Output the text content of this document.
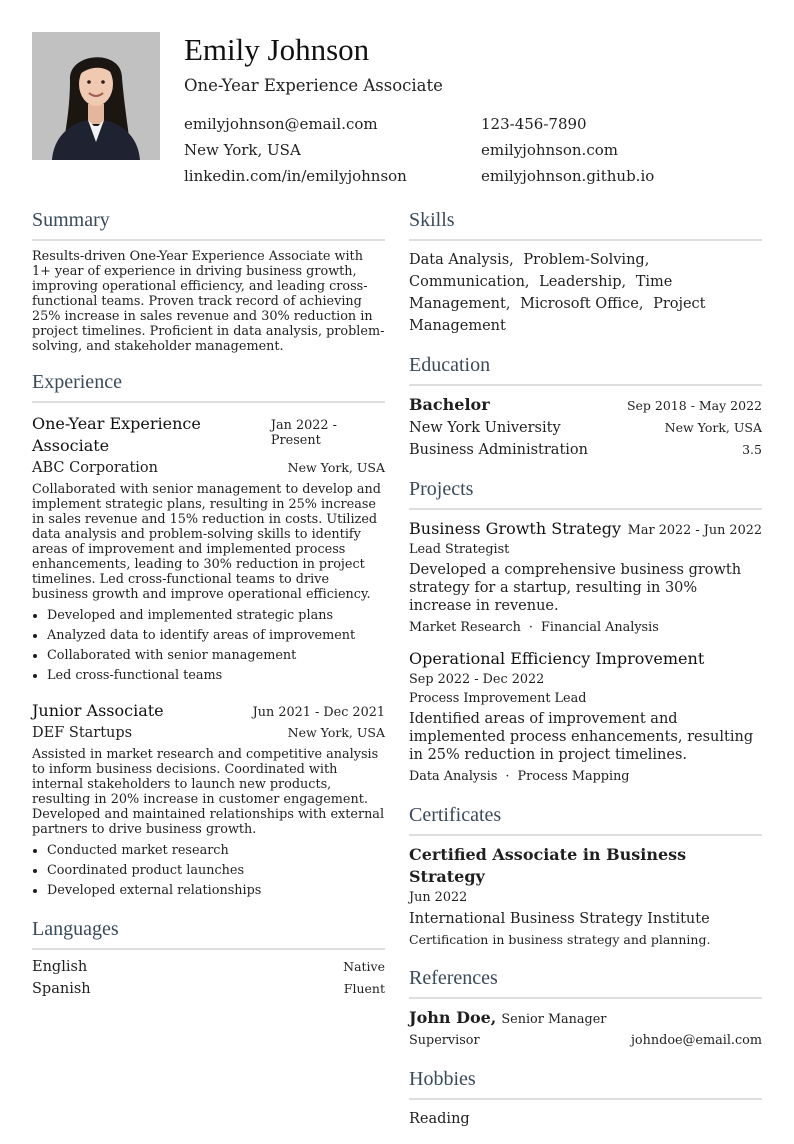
Emily Johnson
One-Year Experience Associate
emilyjohnson@email.com	123-456-7890
New York, USA	emilyjohnson.com
linkedin.com/in/emilyjohnson	emilyjohnson.github.io
Summary
Results-driven One-Year Experience Associate with 1+ year of experience in driving business growth, improving operational efficiency, and leading cross-functional teams. Proven track record of achieving 25% increase in sales revenue and 30% reduction in project timelines. Proficient in data analysis, problem-solving, and stakeholder management.
Experience
One-Year Experience Associate
Jan 2022 - Present
ABC Corporation	New York, USA
Collaborated with senior management to develop and implement strategic plans, resulting in 25% increase in sales revenue and 15% reduction in costs. Utilized data analysis and problem-solving skills to identify areas of improvement and implemented process enhancements, leading to 30% reduction in project timelines. Led cross-functional teams to drive business growth and improve operational efficiency.
• Developed and implemented strategic plans
• Analyzed data to identify areas of improvement
• Collaborated with senior management
• Led cross-functional teams
Junior Associate	Jun 2021 - Dec 2021
DEF Startups	New York, USA
Assisted in market research and competitive analysis to inform business decisions. Coordinated with internal stakeholders to launch new products, resulting in 20% increase in customer engagement. Developed and maintained relationships with external partners to drive business growth.
• Conducted market research
• Coordinated product launches
• Developed external relationships
Languages
English	Native
Spanish	Fluent
Skills
Data Analysis, Problem-Solving, Communication, Leadership, Time Management, Microsoft Office, Project Management
Education
Bachelor	Sep 2018 - May 2022
New York University	New York, USA
Business Administration	3.5
Projects
Business Growth Strategy Mar 2022 - Jun 2022
Lead Strategist
Developed a comprehensive business growth strategy for a startup, resulting in 30% increase in revenue.
Market Research · Financial Analysis
Operational Efficiency Improvement
Sep 2022 - Dec 2022
Process Improvement Lead
Identified areas of improvement and implemented process enhancements, resulting in 25% reduction in project timelines.
Data Analysis · Process Mapping
Certificates
Certified Associate in Business Strategy
Jun 2022
International Business Strategy Institute
Certification in business strategy and planning.
References
John Doe, Senior Manager
Supervisor	johndoe@email.com
Hobbies
Reading
